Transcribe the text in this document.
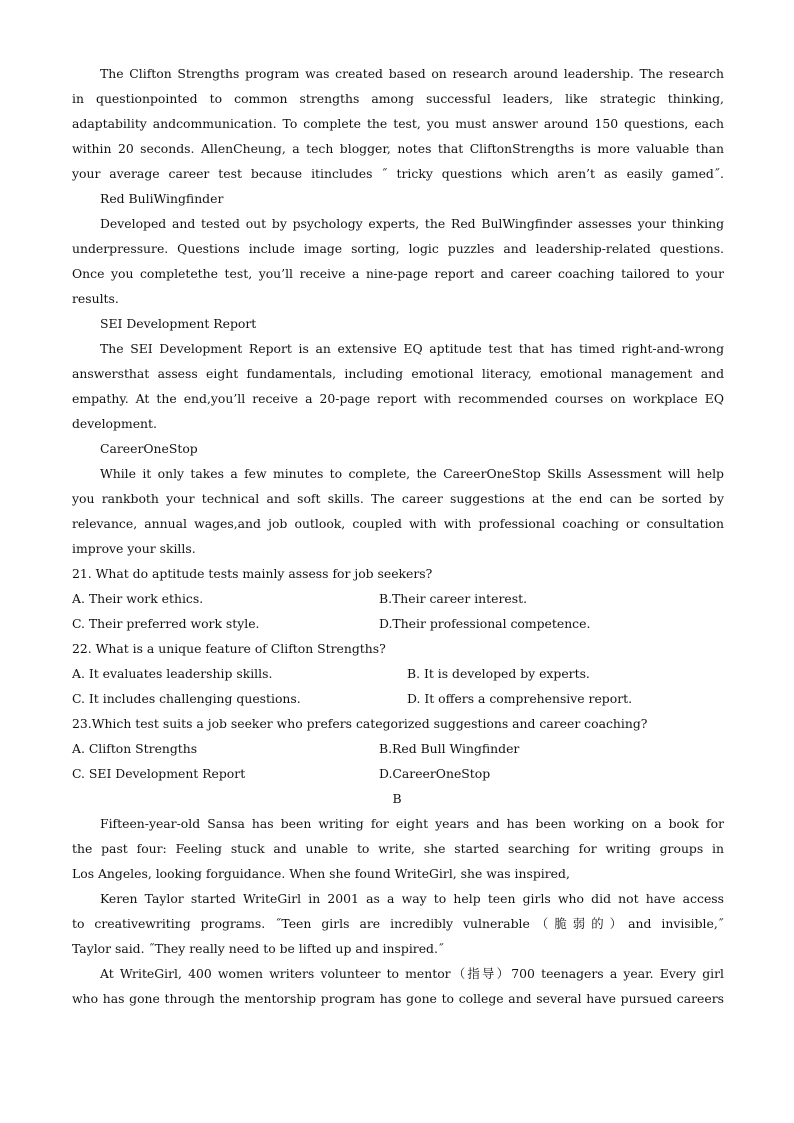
The Clifton Strengths program was created based on research around leadership. The research
in questionpointed to common strengths among successful leaders, like strategic thinking,
adaptability andcommunication. To complete the test, you must answer around 150 questions, each
within 20 seconds. AllenCheung, a tech blogger, notes that CliftonStrengths is more valuable than
your average career test because itincludes ˝ tricky questions which aren’t as easily gamed˝.
Red BuliWingfinder
Developed and tested out by psychology experts, the Red BulWingfinder assesses your thinking
underpressure. Questions include image sorting, logic puzzles and leadership-related questions.
Once you completethe test, you’ll receive a nine-page report and career coaching tailored to your
results.
SEI Development Report
The SEI Development Report is an extensive EQ aptitude test that has timed right-and-wrong
answersthat assess eight fundamentals, including emotional literacy, emotional management and
empathy. At the end,you’ll receive a 20-page report with recommended courses on workplace EQ
development.
CareerOneStop
While it only takes a few minutes to complete, the CareerOneStop Skills Assessment will help
you rankboth your technical and soft skills. The career suggestions at the end can be sorted by
relevance, annual wages,and job outlook, coupled with with professional coaching or consultation
improve your skills.
21. What do aptitude tests mainly assess for job seekers?
A. Their work ethics.	B.Their career interest.
C. Their preferred work style.	D.Their professional competence.
22. What is a unique feature of Clifton Strengths?
A. It evaluates leadership skills.	B. It is developed by experts.
C. It includes challenging questions.	D. It offers a comprehensive report.
23.Which test suits a job seeker who prefers categorized suggestions and career coaching?
A. Clifton Strengths	B.Red Bull Wingfinder
C. SEI Development Report	D.CareerOneStop
B
Fifteen-year-old Sansa has been writing for eight years and has been working on a book for
the past four: Feeling stuck and unable to write, she started searching for writing groups in
Los Angeles, looking forguidance. When she found WriteGirl, she was inspired,
Keren Taylor started WriteGirl in 2001 as a way to help teen girls who did not have access
to creativewriting programs. ˝Teen girls are incredibly vulnerable（脆弱的）and invisible,˝
Taylor said. ˝They really need to be lifted up and inspired.˝
At WriteGirl, 400 women writers volunteer to mentor（指导）700 teenagers a year. Every girl
who has gone through the mentorship program has gone to college and several have pursued careers
